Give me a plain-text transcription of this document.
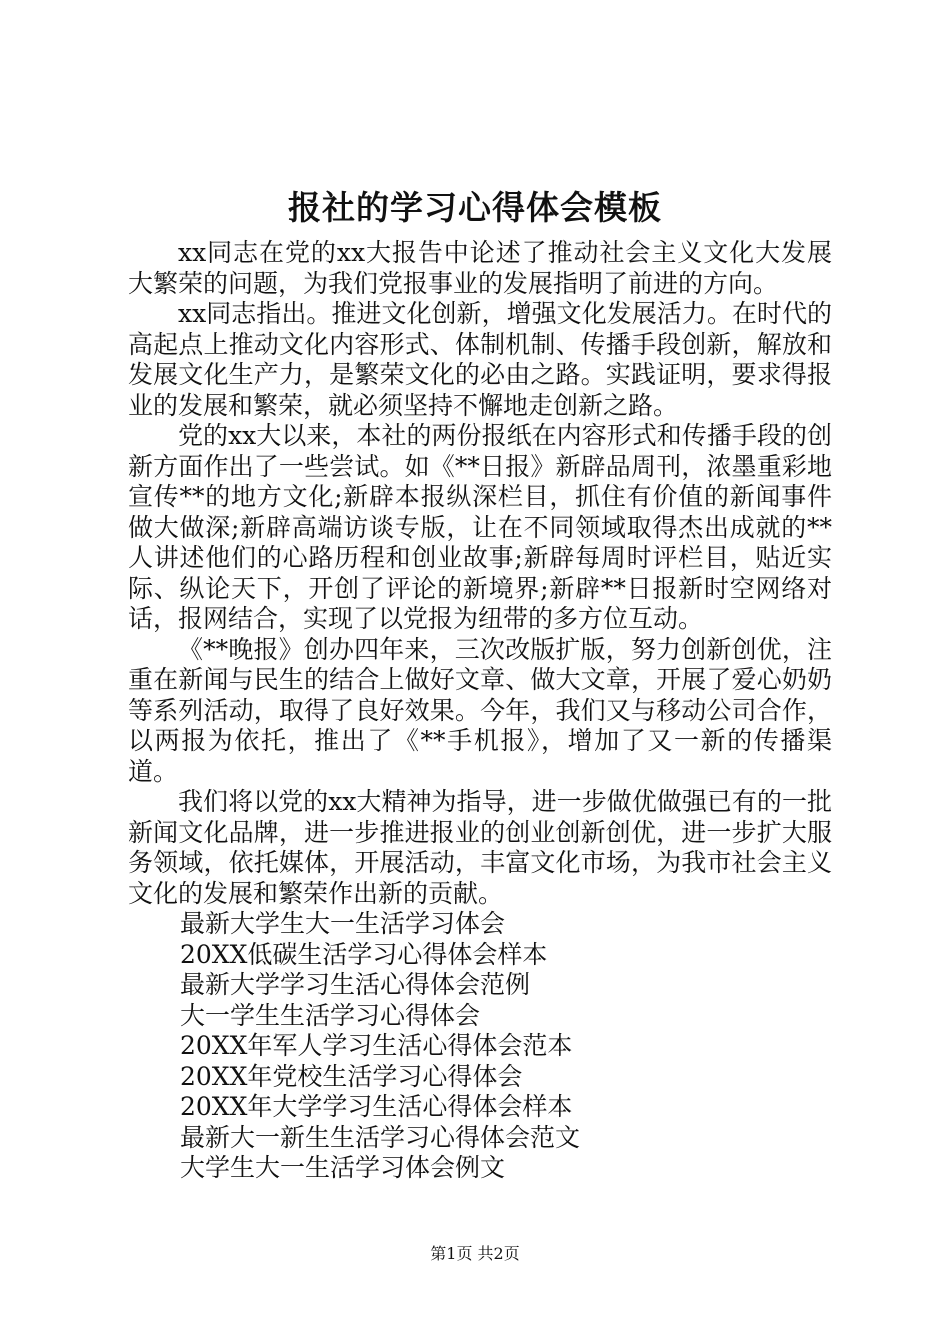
报社的学习心得体会模板

xx同志在党的xx大报告中论述了推动社会主义文化大发展大繁荣的问题，为我们党报事业的发展指明了前进的方向。

xx同志指出。推进文化创新，增强文化发展活力。在时代的高起点上推动文化内容形式、体制机制、传播手段创新，解放和发展文化生产力，是繁荣文化的必由之路。实践证明，要求得报业的发展和繁荣，就必须坚持不懈地走创新之路。

党的xx大以来，本社的两份报纸在内容形式和传播手段的创新方面作出了一些尝试。如《**日报》新辟品周刊，浓墨重彩地宣传**的地方文化;新辟本报纵深栏目，抓住有价值的新闻事件做大做深;新辟高端访谈专版，让在不同领域取得杰出成就的**人讲述他们的心路历程和创业故事;新辟每周时评栏目，贴近实际、纵论天下，开创了评论的新境界;新辟**日报新时空网络对话，报网结合，实现了以党报为纽带的多方位互动。

《**晚报》创办四年来，三次改版扩版，努力创新创优，注重在新闻与民生的结合上做好文章、做大文章，开展了爱心奶奶等系列活动，取得了良好效果。今年，我们又与移动公司合作，以两报为依托，推出了《**手机报》，增加了又一新的传播渠道。

我们将以党的xx大精神为指导，进一步做优做强已有的一批新闻文化品牌，进一步推进报业的创业创新创优，进一步扩大服务领域，依托媒体，开展活动，丰富文化市场，为我市社会主义文化的发展和繁荣作出新的贡献。

最新大学生大一生活学习体会
20XX低碳生活学习心得体会样本
最新大学学习生活心得体会范例
大一学生生活学习心得体会
20XX年军人学习生活心得体会范本
20XX年党校生活学习心得体会
20XX年大学学习生活心得体会样本
最新大一新生生活学习心得体会范文
大学生大一生活学习体会例文
第1页 共2页
